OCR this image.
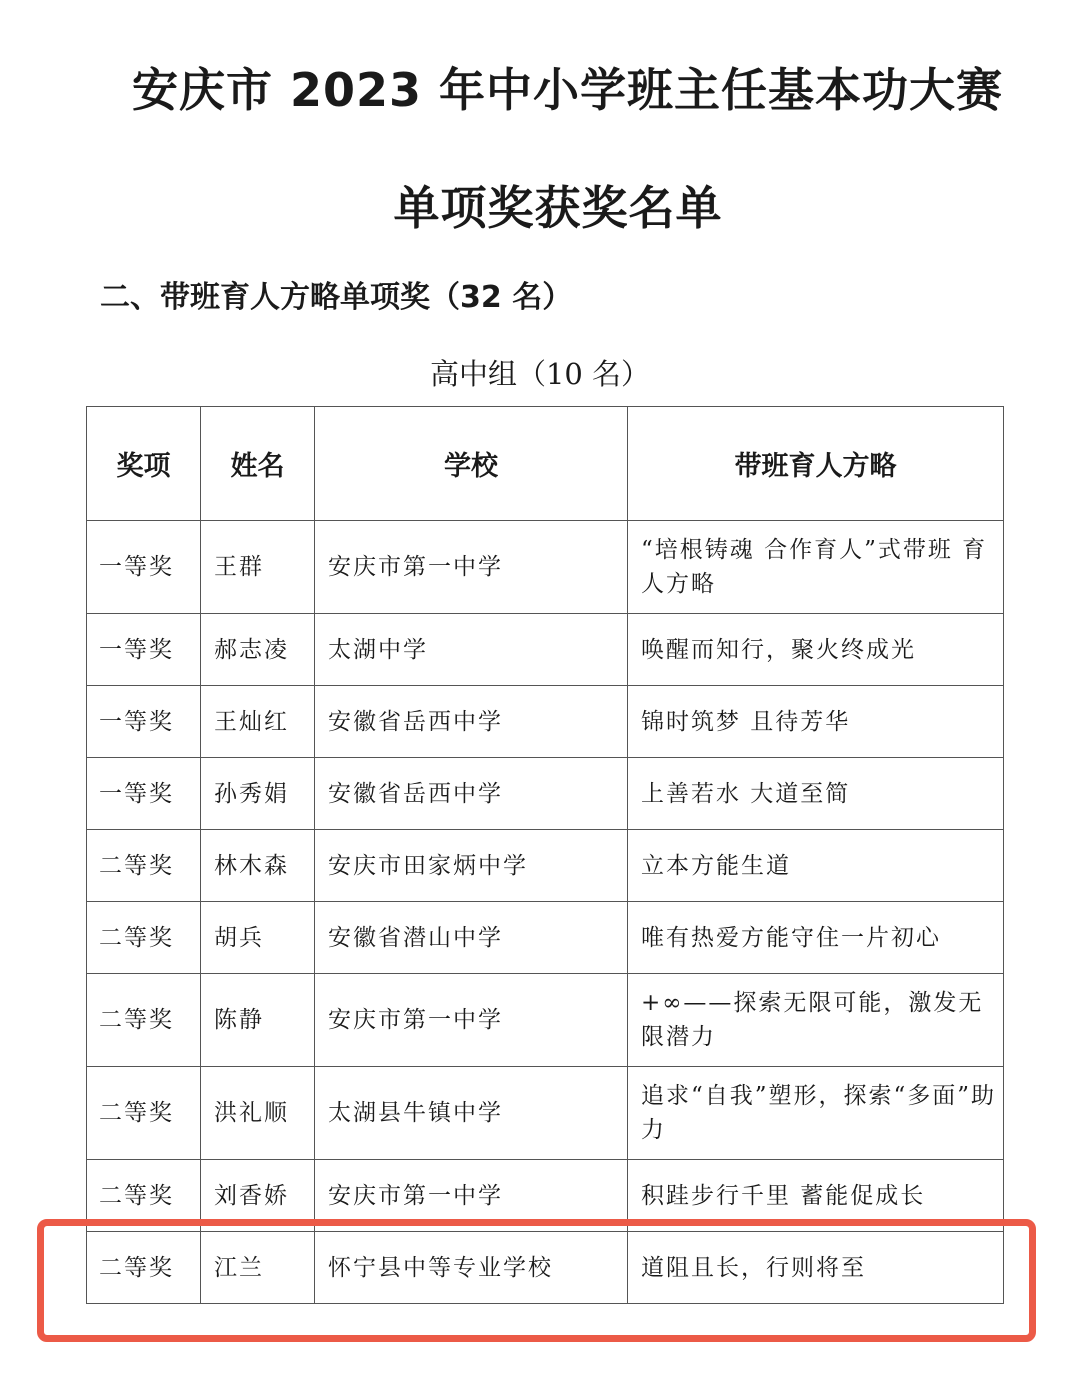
安庆市 2023 年中小学班主任基本功大赛
单项奖获奖名单
二、带班育人方略单项奖（32 名）
高中组（10 名）
奖项	姓名	学校	带班育人方略
一等奖	王群	安庆市第一中学	“培根铸魂 合作育人”式带班 育人方略
一等奖	郝志凌	太湖中学	唤醒而知行，聚火终成光
一等奖	王灿红	安徽省岳西中学	锦时筑梦 且待芳华
一等奖	孙秀娟	安徽省岳西中学	上善若水 大道至简
二等奖	林木森	安庆市田家炳中学	立本方能生道
二等奖	胡兵	安徽省潜山中学	唯有热爱方能守住一片初心
二等奖	陈静	安庆市第一中学	+∞——探索无限可能，激发无限潜力
二等奖	洪礼顺	太湖县牛镇中学	追求“自我”塑形，探索“多面”助力
二等奖	刘香娇	安庆市第一中学	积跬步行千里 蓄能促成长
二等奖	江兰	怀宁县中等专业学校	道阻且长，行则将至
